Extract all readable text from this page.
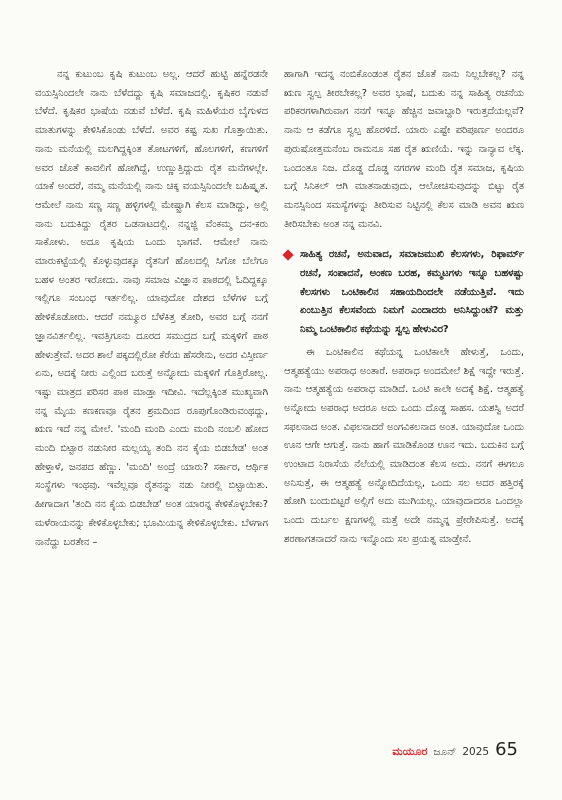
ನನ್ನ ಕುಟುಂಬ ಕೃಷಿ ಕುಟುಂಬ ಅಲ್ಲ. ಆದರೆ ಹುಟ್ಟಿ ಹನ್ನೆರಡನೇ ವಯಸ್ಸಿನಿಂದಲೇ ನಾನು ಬೆಳೆದದ್ದು ಕೃಷಿ ಸಮಾಜದಲ್ಲಿ. ಕೃಷಿಕರ ನಡುವೆ ಬೆಳೆದೆ. ಕೃಷಿಕರ ಭಾಷೆಯ ನಡುವೆ ಬೆಳೆದೆ. ಕೃಷಿ ಮಹಿಳೆಯರ ಬೈಗುಳದ ಮಾತುಗಳನ್ನು ಕೇಳಿಸಿಕೊಂಡು ಬೆಳೆದೆ. ಅವರ ಕಷ್ಟ ಸುಖ ಗೊತ್ತಾಯಿತು. ನಾನು ಮನೆಯಲ್ಲಿ ಮಲಗಿದ್ದಕ್ಕಿಂತ ತೋಟಗಳಿಗೆ, ಹೊಲಗಳಿಗೆ, ಕಣಗಳಿಗೆ ಅವರ ಜೊತೆ ಕಾವಲಿಗೆ ಹೋಗಿದ್ದೆ, ಉಣ್ಣುತ್ತಿದ್ದುದು ರೈತ ಮನೆಗಳಲ್ಲೇ. ಯಾಕೆ ಅಂದರೆ, ನಮ್ಮ ಮನೆಯಲ್ಲಿ ನಾನು ಚಿಕ್ಕ ವಯಸ್ಸಿನಿಂದಲೇ ಬಹಿಷ್ಕೃತ. ಆಮೇಲೆ ನಾನು ಸಣ್ಣ ಸಣ್ಣ ಹಳ್ಳಿಗಳಲ್ಲಿ ಮೇಷ್ಟ್ರಾಗಿ ಕೆಲಸ ಮಾಡಿದ್ದು, ಅಲ್ಲಿ ನಾನು ಬದುಕಿದ್ದು ರೈತರ ಒಡನಾಟದಲ್ಲಿ. ನನ್ನಜ್ಜಿ ವೆಂಕಮ್ಮ ದನ-ಕರು ಸಾಕೋಳು. ಅದೂ ಕೃಷಿಯ ಒಂದು ಭಾಗವೆ. ಆಮೇಲೆ ನಾನು ಮಾರುಕಟ್ಟೆಯಲ್ಲಿ ಕೊಳ್ಳುವುದಕ್ಕೂ ರೈತನಿಗೆ ಹೊಲದಲ್ಲಿ ಸಿಗೋ ಬೆಲೆಗೂ ಬಹಳ ಅಂತರ ಇರೋದು. ನಾವು ಸಮಾಜ ವಿಜ್ಞಾನ ಪಾಠದಲ್ಲಿ ಓದಿದ್ದಕ್ಕೂ ಇಲ್ಲಿಗೂ ಸಂಬಂಧ ಇರ್ತಲಿಲ್ಲ. ಯಾವುದೋ ದೇಶದ ಬೆಳೆಗಳ ಬಗ್ಗೆ ಹೇಳಿಕೊಡೋರು. ಆದರೆ ನಮ್ಮೂರ ಬೆಳೆಕಿತ್ತ ತೋರಿ, ಅವರ ಬಗ್ಗೆ ನನಗೆ ಜ್ಞಾನವಿರ್ತಲಿಲ್ಲ. ಇವತ್ತಿಗೂನು ದೂರದ ಸಮುದ್ರದ ಬಗ್ಗೆ ಮಕ್ಕಳಿಗೆ ಪಾಠ ಹೇಳುತ್ತೇವೆ. ಅದರ ಶಾಲೆ ಪಕ್ಕದಲ್ಲಿರೋ ಕೆರೆಯ ಹೆಸರೇನು, ಅದರ ವಿಸ್ತೀರ್ಣ ಏನು, ಅದಕ್ಕೆ ನೀರು ಎಲ್ಲಿಂದ ಬರುತ್ತೆ ಅನ್ನೋದು ಮಕ್ಕಳಿಗೆ ಗೊತ್ತಿರೋಲ್ಲ. ಇಷ್ಟು ಮಾತ್ರದ ಪರಿಸರ ಪಾಠ ಮಾಡ್ತಾ ಇದೀವಿ. ಇದೆಲ್ಲಕ್ಕಿಂತ ಮುಖ್ಯವಾಗಿ ನನ್ನ ಮೈಯ ಕಣಕಣವೂ ರೈತನ ಶ್ರಮದಿಂದ ರೂಪುಗೊಂಡಿರುವಂಥದ್ದು, ಋಣ ಇದೆ ನನ್ನ ಮೇಲೆ. 'ಮಂದಿ ಮಂದಿ ಎಂದು ಮಂದಿ ನಂಬಲಿ ಹೋದ ಮಂದಿ ಬಿಟ್ಟಾರ ನಡುನೀರ ಮಲ್ಲಯ್ಯ ತಂದಿ ನನ ಕೈಯ ಬಿಡಬೇಡ' ಅಂತ ಹೇಳ್ತಾಳೆ, ಜನಪದ ಹೆಣ್ಣು. 'ಮಂದಿ' ಅಂದ್ರೆ ಯಾರು? ಸರ್ಕಾರ, ಆರ್ಥಿಕ ಸಂಸ್ಥೆಗಳು ಇಂಥವು. ಇವೆಲ್ಲವೂ ರೈತನನ್ನು ನಡು ನೀರಲ್ಲಿ ಬಿಟ್ಟಾಯಿತು. ಹೀಗಾದಾಗ 'ತಂದಿ ನನ ಕೈಯ ಬಿಡಬೇಡ' ಅಂತ ಯಾರನ್ನ ಕೇಳಿಕೊಳ್ಳಬೇಕು? ಮಳೆರಾಯನನ್ನು ಕೇಳಿಕೊಳ್ಳಬೇಕು; ಭೂಮಿಯನ್ನ ಕೇಳಿಕೊಳ್ಳಬೇಕು. ಬೆಳಗಾಗ ನಾನೆದ್ದು ಬರತೇನ –

ಹಾಗಾಗಿ ಇದನ್ನ ನಂಬಿಕೊಂಡಂತ ರೈತನ ಜೊತೆ ನಾನು ನಿಲ್ಲಬೇಕಲ್ಲ? ನನ್ನ ಋಣ ಸ್ವಲ್ಪ ತೀರಬೇಕಲ್ಲ? ಅವರ ಭಾಷೆ, ಬದುಕು ನನ್ನ ಸಾಹಿತ್ಯ ರಚನೆಯ ಪರಿಕರಗಳಾಗಿರುವಾಗ ನನಗೆ ಇನ್ನೂ ಹೆಚ್ಚಿನ ಜವಾಬ್ದಾರಿ ಇರುತ್ತದೆಯಲ್ಲವೆ? ನಾನು ಆ ಕಡೆಗೂ ಸ್ವಲ್ಪ ಹೊರಳಿದೆ. ಯಾರು ಎಷ್ಟೇ ಪರಿಪೂರ್ಣ ಅಂದರೂ ಪುರುಷೋತ್ತಮನೆಂಬ ರಾಮನೂ ಸಹ ರೈತ ಋಣಿಯೆ. ಇನ್ನು ನಾನ್ಯಾವ ಲೆಕ್ಕ. ಒಂದಂತೂ ನಿಜ. ದೊಡ್ಡ ದೊಡ್ಡ ನಗರಗಳ ಮಂದಿ ರೈತ ಸಮಾಜ, ಕೃಷಿಯ ಬಗ್ಗೆ ಸಿನಿಕಲ್ ಆಗಿ ಮಾತನಾಡುವುದು, ಆಲೋಚಿಸುವುದನ್ನು ಬಿಟ್ಟು ರೈತ ಮನಸ್ಸಿನಿಂದ ಸಮಸ್ಯೆಗಳನ್ನು ತೀರಿಸುವ ನಿಟ್ಟಿನಲ್ಲಿ ಕೆಲಸ ಮಾಡಿ ಅವನ ಋಣ ತೀರಿಸಬೇಕು ಅಂತ ನನ್ನ ಮನವಿ.

ಸಾಹಿತ್ಯ ರಚನೆ, ಅನುವಾದ, ಸಮಾಜಮುಖಿ ಕೆಲಸಗಳು, ರಿಫಾರ್ಮ್ ರಚನೆ, ಸಂಪಾದನೆ, ಅಂಕಣ ಬರಹ, ಕಮ್ಮಟಗಳು ಇನ್ನೂ ಬಹಳಷ್ಟು ಕೆಲಸಗಳು ಒಂಟಿಕಾಲಿನ ಸಹಾಯದಿಂದಲೇ ನಡೆಯುತ್ತಿವೆ. ಇದು ಏಂಬುತ್ತಿನ ಕೆಲಸವೆಂದು ನಿಮಗೆ ಎಂದಾದರು ಅನಿಸಿದ್ದುಂಟೆ? ಮತ್ತು ನಿಮ್ಮ ಒಂಟಿಕಾಲಿನ ಕಥೆಯನ್ನು ಸ್ವಲ್ಪ ಹೇಳುವಿರ?

ಈ ಒಂಟಿಕಾಲಿನ ಕಥೆಯನ್ನ ಒಂಟಿಕಾಲೇ ಹೇಳುತ್ತೆ, ಒಂದು, ಆತ್ಮಹತ್ಯೆಯು ಅಪರಾಧ ಅಂತಾರೆ. ಅಪರಾಧ ಅಂದಮೇಲೆ ಶಿಕ್ಷೆ ಇದ್ದೇ ಇರುತ್ತೆ. ನಾನು ಆತ್ಮಹತ್ಯೆಯ ಅಪರಾಧ ಮಾಡಿದೆ. ಒಂಟಿ ಕಾಲೇ ಅದಕ್ಕೆ ಶಿಕ್ಷೆ. ಆತ್ಮಹತ್ಯೆ ಅನ್ನೋದು ಅಪರಾಧ ಅದರೂ ಅದು ಒಂದು ದೊಡ್ಡ ಸಾಹಸ. ಯಶಸ್ವಿ ಅದರೆ ಸಫಲನಾದ ಅಂತ. ವಿಫಲನಾದರೆ ಅಂಗವಿಕಲನಾದ ಅಂತ. ಯಾವುದೋ ಒಂದು ಊನ ಆಗೇ ಆಗುತ್ತೆ. ನಾನು ಹಾಗೆ ಮಾಡಿಕೊಂಡ ಊನ ಇದು. ಬದುಕಿನ ಬಗ್ಗೆ ಉಂಟಾದ ನಿರಾಸೆಯ ನೆಲೆಯಲ್ಲಿ ಮಾಡಿದಂತ ಕೆಲಸ ಅದು. ನನಗೆ ಈಗಲೂ ಅನಿಸುತ್ತೆ, ಈ ಆತ್ಮಹತ್ಯೆ ಅನ್ನೋದಿದೆಯಲ್ಲ, ಒಂದು ಸಲ ಅದರ ಹತ್ತಿರಕ್ಕೆ ಹೋಗಿ ಬಂದುಬಿಟ್ಟರೆ ಅಲ್ಲಿಗೆ ಅದು ಮುಗಿಯಲ್ಲ. ಯಾವುದಾದರೂ ಒಂದಲ್ಲಾ ಒಂದು ದುರ್ಬಲ ಕ್ಷಣಗಳಲ್ಲಿ ಮತ್ತೆ ಅದೇ ನಮ್ಮನ್ನ ಪ್ರೇರೇಪಿಸುತ್ತೆ. ಅದಕ್ಕೆ ಶರಣಾಗತನಾದರೆ ನಾನು ಇನ್ನೊಂದು ಸಲ ಪ್ರಯತ್ನ ಮಾಡ್ತೇನೆ.

ಮಯೂರ ಜೂನ್ 2025 65
